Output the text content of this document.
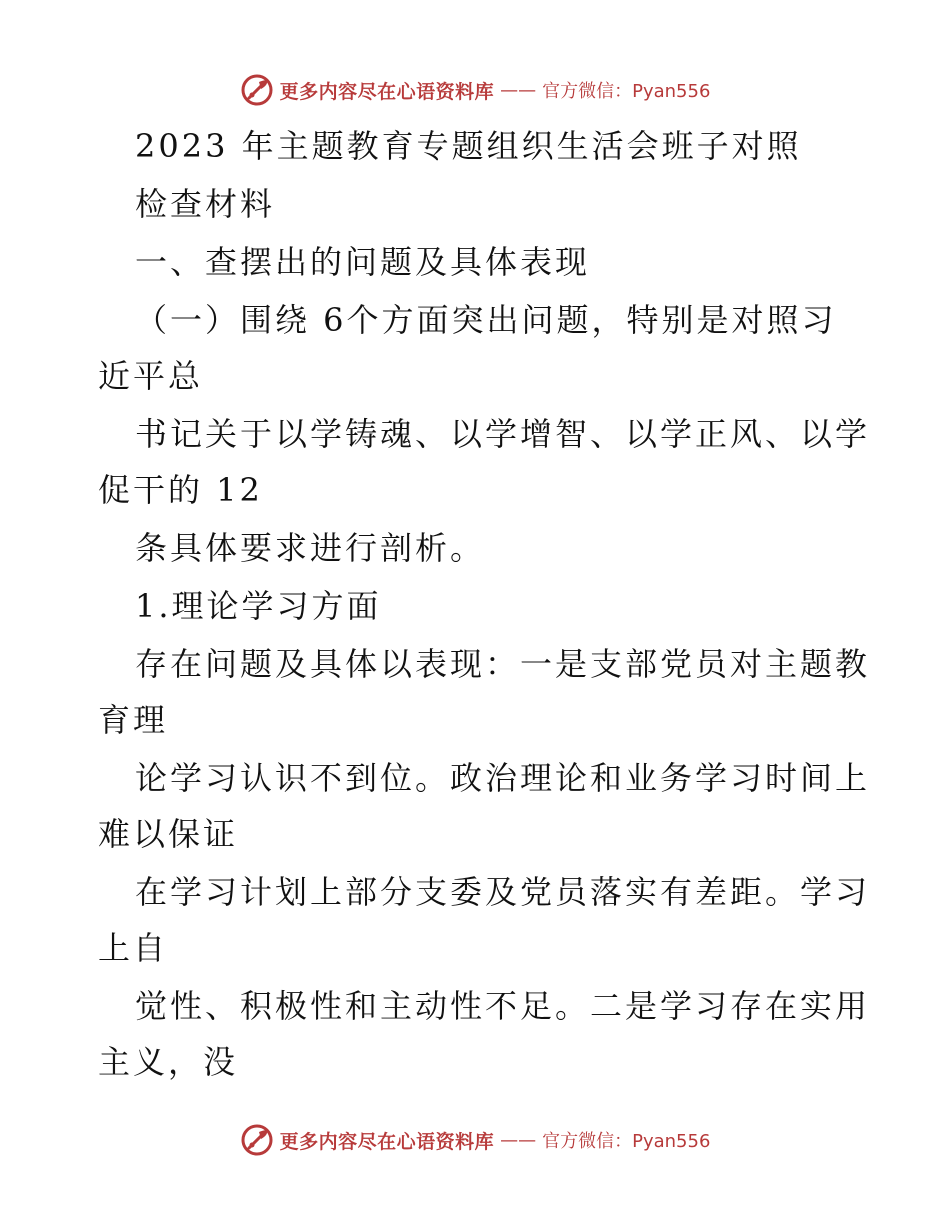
更多内容尽在心语资料库 —— 官方微信：Pyan556
2023 年主题教育专题组织生活会班子对照
检查材料
一、查摆出的问题及具体表现
（一）围绕 6个方面突出问题，特别是对照习
近平总
书记关于以学铸魂、以学增智、以学正风、以学
促干的 12
条具体要求进行剖析。
1.理论学习方面
存在问题及具体以表现：一是支部党员对主题教
育理
论学习认识不到位。政治理论和业务学习时间上
难以保证
在学习计划上部分支委及党员落实有差距。学习
上自
觉性、积极性和主动性不足。二是学习存在实用
主义，没
更多内容尽在心语资料库 —— 官方微信：Pyan556
